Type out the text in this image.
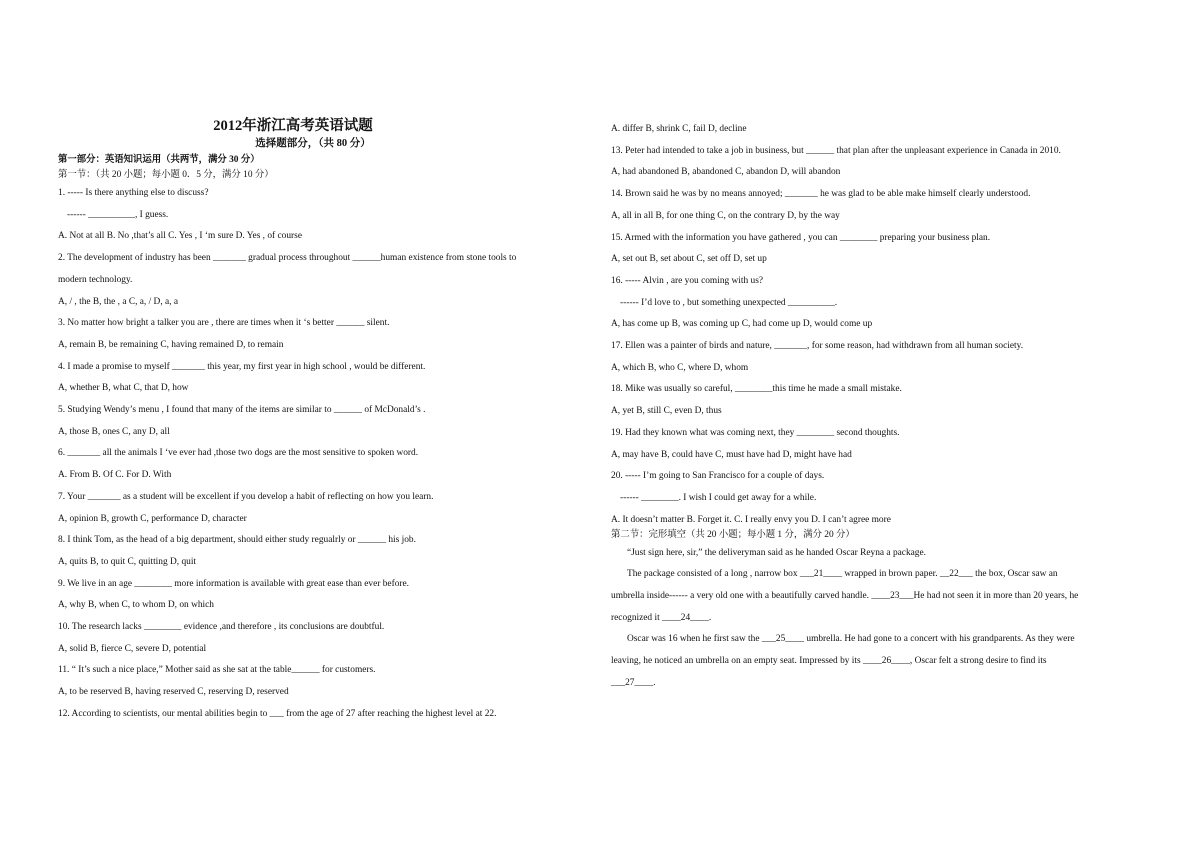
2012年浙江高考英语试题
选择题部分，（共 80 分）

第一部分：英语知识运用（共两节，满分 30 分）

第一节：（共 20 小题；每小题 0．5 分，满分 10 分）

1. ----- Is there anything else to discuss?

------ __________, I guess.

A. Not at all B. No ,that’s all C. Yes , I ‘m sure D. Yes , of course

2. The development of industry has been _______ gradual process throughout ______human existence from stone tools to

modern technology.

A, / , the B, the , a C, a, / D, a, a

3. No matter how bright a talker you are , there are times when it ‘s better ______ silent.

A, remain B, be remaining C, having remained D, to remain

4. I made a promise to myself _______ this year, my first year in high school , would be different.

A, whether B, what C, that D, how

5. Studying Wendy’s menu , I found that many of the items are similar to ______ of McDonald’s .

A, those B, ones C, any D, all

6. _______ all the animals I ‘ve ever had ,those two dogs are the most sensitive to spoken word.

A. From B. Of C. For D. With

7. Your _______ as a student will be excellent if you develop a habit of reflecting on how you learn.

A, opinion B, growth C, performance D, character

8. I think Tom, as the head of a big department, should either study regualrly or ______ his job.

A, quits B, to quit C, quitting D, quit

9. We live in an age ________ more information is available with great ease than ever before.

A, why B, when C, to whom D, on which

10. The research lacks ________ evidence ,and therefore , its conclusions are doubtful.

A, solid B, fierce C, severe D, potential

11. “ It’s such a nice place,” Mother said as she sat at the table______ for customers.

A, to be reserved B, having reserved C, reserving D, reserved

12. According to scientists, our mental abilities begin to ___ from the age of 27 after reaching the highest level at 22.

A. differ B, shrink C, fail D, decline

13. Peter had intended to take a job in business, but ______ that plan after the unpleasant experience in Canada in 2010.

A, had abandoned B, abandoned C, abandon D, will abandon

14. Brown said he was by no means annoyed; _______ he was glad to be able make himself clearly understood.

A, all in all B, for one thing C, on the contrary D, by the way

15. Armed with the information you have gathered , you can ________ preparing your business plan.

A, set out B, set about C, set off D, set up

16. ----- Alvin , are you coming with us?

------ I’d love to , but something unexpected __________.

A, has come up B, was coming up C, had come up D, would come up

17. Ellen was a painter of birds and nature, _______, for some reason, had withdrawn from all human society.

A, which B, who C, where D, whom

18. Mike was usually so careful, ________this time he made a small mistake.

A, yet B, still C, even D, thus

19. Had they known what was coming next, they ________ second thoughts.

A, may have B, could have C, must have had D, might have had

20. ----- I’m going to San Francisco for a couple of days.

------ ________. I wish I could get away for a while.

A. It doesn’t matter B. Forget it. C. I really envy you D. I can’t agree more

第二节：完形填空（共 20 小题；每小题 1 分，满分 20 分）

“Just sign here, sir,” the deliveryman said as he handed Oscar Reyna a package.

The package consisted of a long , narrow box ___21____ wrapped in brown paper. __22___ the box, Oscar saw an

umbrella inside------ a very old one with a beautifully carved handle. ____23___He had not seen it in more than 20 years, he

recognized it ____24____.

Oscar was 16 when he first saw the ___25____ umbrella. He had gone to a concert with his grandparents. As they were

leaving, he noticed an umbrella on an empty seat. Impressed by its ____26____, Oscar felt a strong desire to find its

___27____.
